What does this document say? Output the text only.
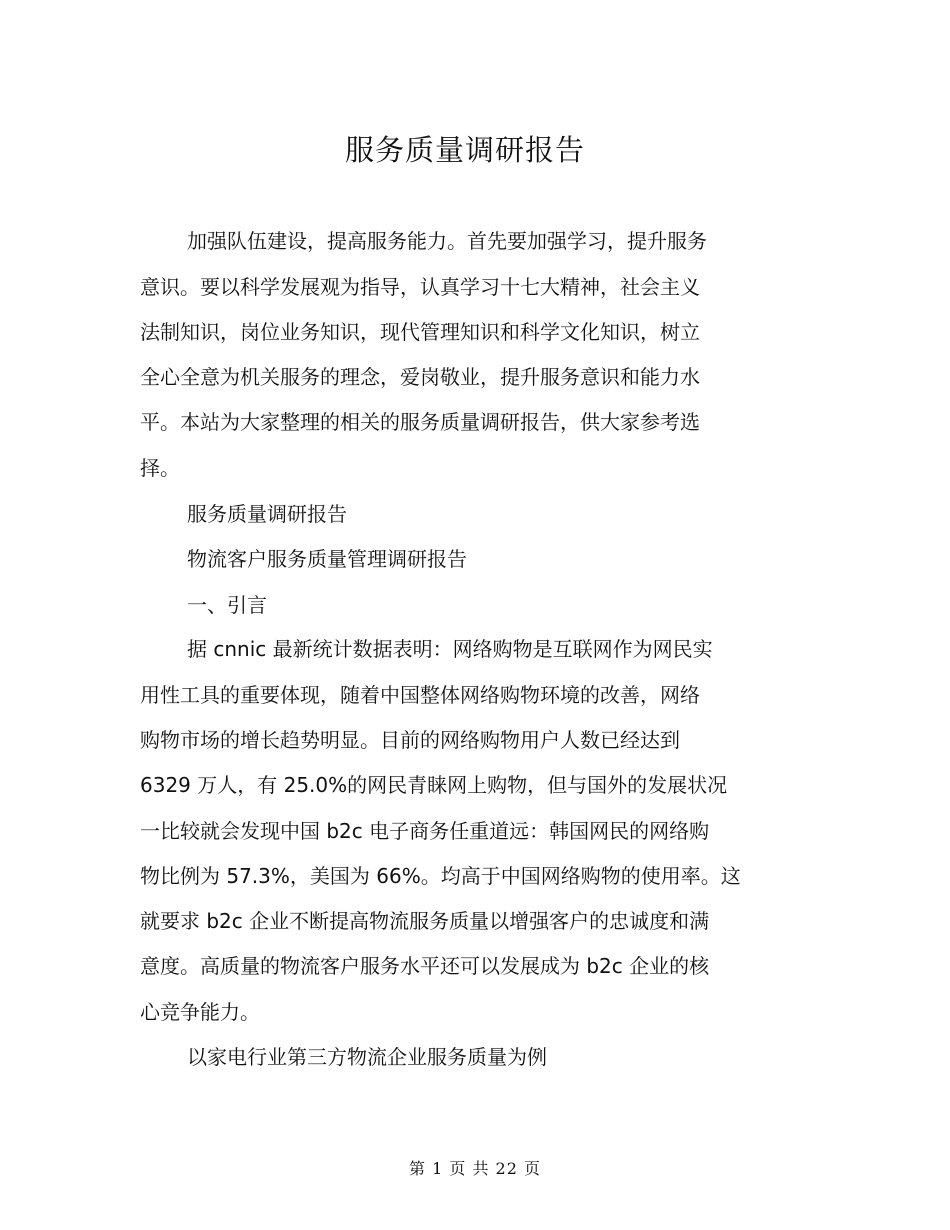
服务质量调研报告
加强队伍建设，提高服务能力。首先要加强学习，提升服务
意识。要以科学发展观为指导，认真学习十七大精神，社会主义
法制知识，岗位业务知识，现代管理知识和科学文化知识，树立
全心全意为机关服务的理念，爱岗敬业，提升服务意识和能力水
平。本站为大家整理的相关的服务质量调研报告，供大家参考选
择。
服务质量调研报告
物流客户服务质量管理调研报告
一、引言
据 cnnic 最新统计数据表明：网络购物是互联网作为网民实
用性工具的重要体现，随着中国整体网络购物环境的改善，网络
购物市场的增长趋势明显。目前的网络购物用户人数已经达到
6329 万人，有 25.0%的网民青睐网上购物，但与国外的发展状况
一比较就会发现中国 b2c 电子商务任重道远：韩国网民的网络购
物比例为 57.3%，美国为 66%。均高于中国网络购物的使用率。这
就要求 b2c 企业不断提高物流服务质量以增强客户的忠诚度和满
意度。高质量的物流客户服务水平还可以发展成为 b2c 企业的核
心竞争能力。
以家电行业第三方物流企业服务质量为例
第 1 页 共 22 页
